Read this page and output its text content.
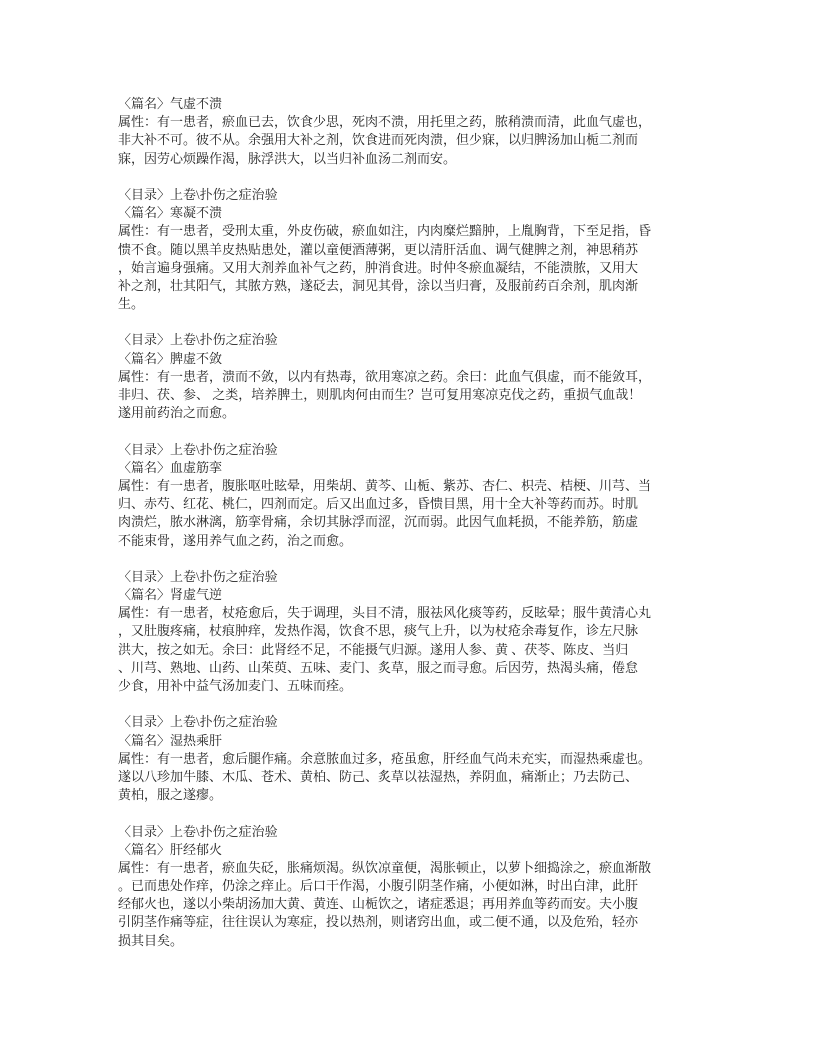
〈篇名〉气虚不溃
属性：有一患者，瘀血已去，饮食少思，死肉不溃，用托里之药，脓稍溃而清，此血气虚也，
非大补不可。彼不从。余强用大补之剂，饮食进而死肉溃，但少寐，以归脾汤加山栀二剂而
寐，因劳心烦躁作渴，脉浮洪大，以当归补血汤二剂而安。
〈目录〉上卷\扑伤之症治验
〈篇名〉寒凝不溃
属性：有一患者，受刑太重，外皮伤破，瘀血如注，内肉糜烂黯肿，上胤胸背，下至足指，昏
愦不食。随以黑羊皮热贴患处，灌以童便酒薄粥，更以清肝活血、调气健脾之剂，神思稍苏
，始言遍身强痛。又用大剂养血补气之药，肿消食进。时仲冬瘀血凝结，不能溃脓，又用大
补之剂，壮其阳气，其脓方熟，遂砭去，洞见其骨，涂以当归膏，及服前药百余剂，肌肉渐
生。
〈目录〉上卷\扑伤之症治验
〈篇名〉脾虚不敛
属性：有一患者，溃而不敛，以内有热毒，欲用寒凉之药。余曰：此血气俱虚，而不能敛耳，
非归、茯、参、 之类，培养脾土，则肌肉何由而生？岂可复用寒凉克伐之药，重损气血哉！
遂用前药治之而愈。
〈目录〉上卷\扑伤之症治验
〈篇名〉血虚筋挛
属性：有一患者，腹胀呕吐眩晕，用柴胡、黄芩、山栀、紫苏、杏仁、枳壳、桔梗、川芎、当
归、赤芍、红花、桃仁，四剂而定。后又出血过多，昏愦目黑，用十全大补等药而苏。时肌
肉溃烂，脓水淋漓，筋挛骨痛，余切其脉浮而涩，沉而弱。此因气血耗损，不能养筋，筋虚
不能束骨，遂用养气血之药，治之而愈。
〈目录〉上卷\扑伤之症治验
〈篇名〉肾虚气逆
属性：有一患者，杖疮愈后，失于调理，头目不清，服祛风化痰等药，反眩晕；服牛黄清心丸
，又肚腹疼痛，杖痕肿痒，发热作渴，饮食不思，痰气上升，以为杖疮余毒复作，诊左尺脉
洪大，按之如无。余曰：此肾经不足，不能摄气归源。遂用人参、黄 、茯苓、陈皮、当归
、川芎、熟地、山药、山茱萸、五味、麦门、炙草，服之而寻愈。后因劳，热渴头痛，倦怠
少食，用补中益气汤加麦门、五味而痊。
〈目录〉上卷\扑伤之症治验
〈篇名〉湿热乘肝
属性：有一患者，愈后腿作痛。余意脓血过多，疮虽愈，肝经血气尚未充实，而湿热乘虚也。
遂以八珍加牛膝、木瓜、苍术、黄柏、防己、炙草以祛湿热，养阴血，痛渐止；乃去防己、
黄柏，服之遂瘳。
〈目录〉上卷\扑伤之症治验
〈篇名〉肝经郁火
属性：有一患者，瘀血失砭，胀痛烦渴。纵饮凉童便，渴胀顿止，以萝卜细捣涂之，瘀血渐散
。已而患处作痒，仍涂之痒止。后口干作渴，小腹引阴茎作痛，小便如淋，时出白津，此肝
经郁火也，遂以小柴胡汤加大黄、黄连、山栀饮之，诸症悉退；再用养血等药而安。夫小腹
引阴茎作痛等症，往往误认为寒症，投以热剂，则诸窍出血，或二便不通，以及危殆，轻亦
损其目矣。
